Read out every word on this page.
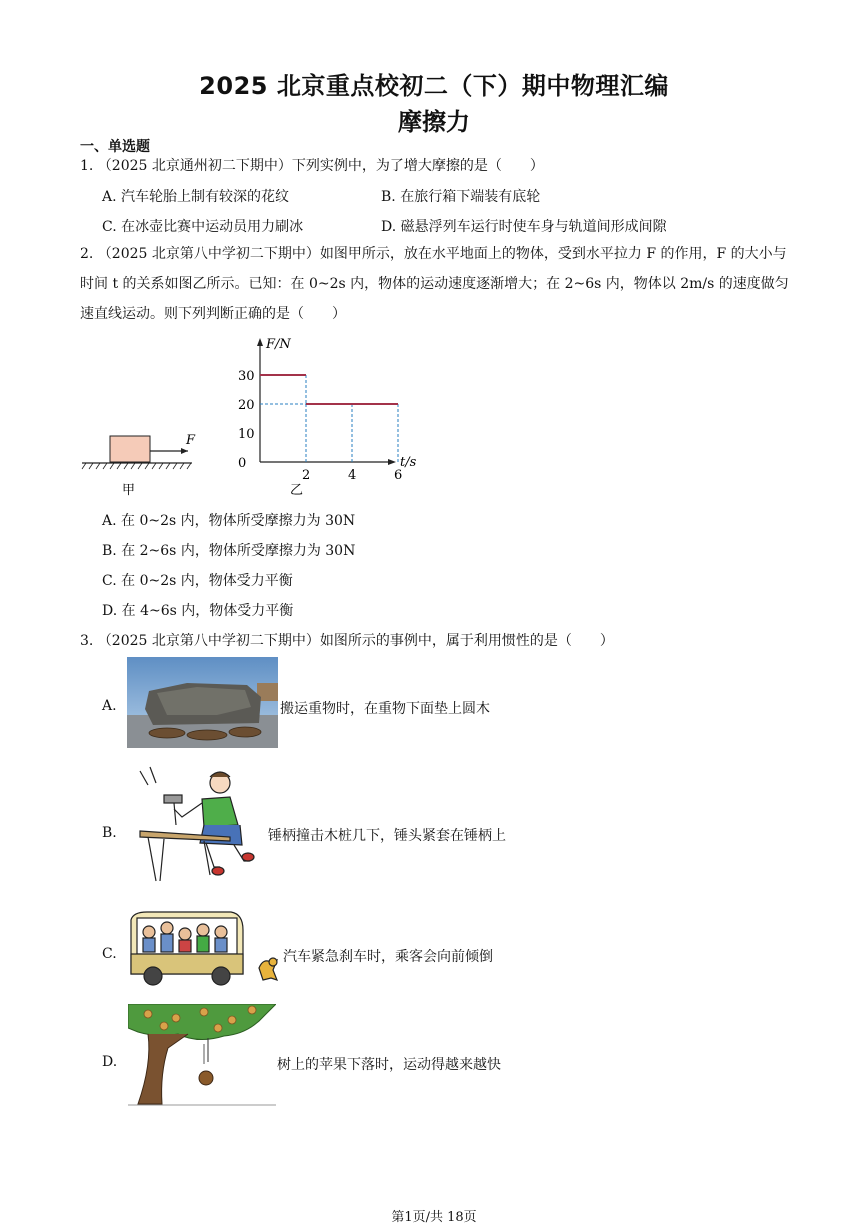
2025 北京重点校初二（下）期中物理汇编
摩擦力
一、单选题
1. （2025 北京通州初二下期中）下列实例中，为了增大摩擦的是（　　）
A. 汽车轮胎上制有较深的花纹	B. 在旅行箱下端装有底轮
C. 在冰壶比赛中运动员用力刷冰	D. 磁悬浮列车运行时使车身与轨道间形成间隙
2. （2025 北京第八中学初二下期中）如图甲所示，放在水平地面上的物体，受到水平拉力 F 的作用，F 的大小与时间 t 的关系如图乙所示。已知：在 0~2s 内，物体的运动速度逐渐增大；在 2~6s 内，物体以 2m/s 的速度做匀速直线运动。则下列判断正确的是（　　）
F
甲
F/N
t/s
0
10
20
30
2	4	6
乙
A. 在 0~2s 内，物体所受摩擦力为 30N
B. 在 2~6s 内，物体所受摩擦力为 30N
C. 在 0~2s 内，物体受力平衡
D. 在 4~6s 内，物体受力平衡
3. （2025 北京第八中学初二下期中）如图所示的事例中，属于利用惯性的是（　　）
A.	搬运重物时，在重物下面垫上圆木
B.	锤柄撞击木桩几下，锤头紧套在锤柄上
C.	汽车紧急刹车时，乘客会向前倾倒
D.	树上的苹果下落时，运动得越来越快
第1页/共 18页
